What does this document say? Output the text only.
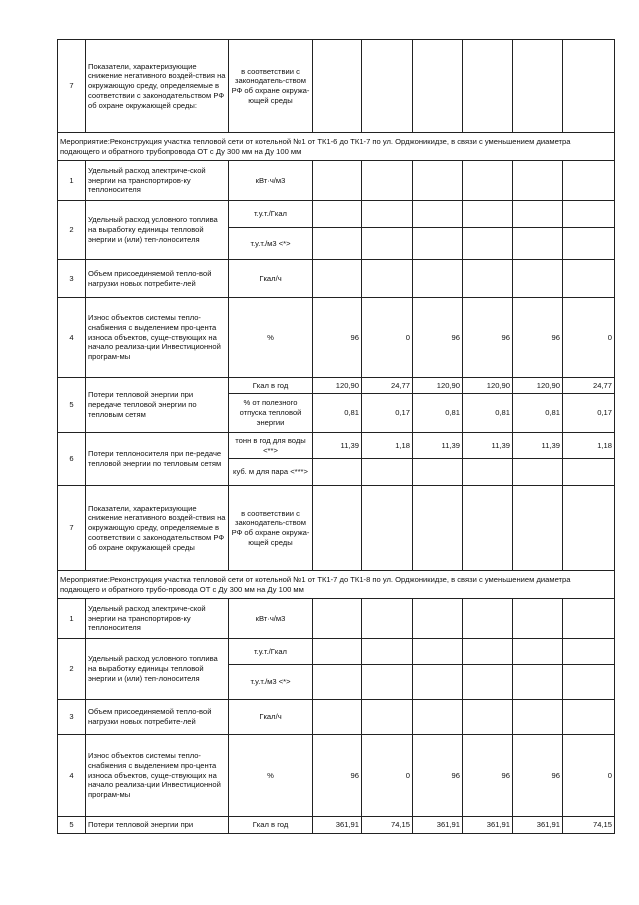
7	Показатели, характеризующие снижение негативного воздей-ствия на окружающую среду, определяемые в соответствии с законодательством РФ об охране окружающей среды:	в соответствии с законодатель-ством РФ об охране окружа-ющей среды						
Мероприятие:Реконструкция участка тепловой сети от котельной №1 от ТК1-6 до ТК1-7 по ул. Орджоникидзе, в связи с уменьшением диаметра подающего и обратного трубопровода ОТ с Ду 300 мм на Ду 100 мм								
1	Удельный расход электриче-ской энергии на транспортиров-ку теплоносителя	кВт·ч/м3						
2	Удельный расход условного топлива на выработку единицы тепловой энергии и (или) теп-лоносителя	т.у.т./Гкал						
		т.у.т./м3 <*>						
3	Объем присоединяемой тепло-вой нагрузки новых потребите-лей	Гкал/ч						
4	Износ объектов системы тепло-снабжения с выделением про-цента износа объектов, суще-ствующих на начало реализа-ции Инвестиционной програм-мы	%	96	0	96	96	96	0
5	Потери тепловой энергии при передаче тепловой энергии по тепловым сетям	Гкал в год	120,90	24,77	120,90	120,90	120,90	24,77
		% от полезного отпуска тепловой энергии	0,81	0,17	0,81	0,81	0,81	0,17
6	Потери теплоносителя при пе-редаче тепловой энергии по тепловым сетям	тонн в год для воды <**>	11,39	1,18	11,39	11,39	11,39	1,18
		куб. м для пара <***>						
7	Показатели, характеризующие снижение негативного воздей-ствия на окружающую среду, определяемые в соответствии с законодательством РФ об охране окружающей среды	в соответствии с законодатель-ством РФ об охране окружа-ющей среды						
Мероприятие:Реконструкция участка тепловой сети от котельной №1 от ТК1-7 до ТК1-8 по ул. Орджоникидзе, в связи с уменьшением диаметра подающего и обратного трубо-провода ОТ с Ду 300 мм на Ду 100 мм								
1	Удельный расход электриче-ской энергии на транспортиров-ку теплоносителя	кВт·ч/м3						
2	Удельный расход условного топлива на выработку единицы тепловой энергии и (или) теп-лоносителя	т.у.т./Гкал						
		т.у.т./м3 <*>						
3	Объем присоединяемой тепло-вой нагрузки новых потребите-лей	Гкал/ч						
4	Износ объектов системы тепло-снабжения с выделением про-цента износа объектов, суще-ствующих на начало реализа-ции Инвестиционной програм-мы	%	96	0	96	96	96	0
5	Потери тепловой энергии при	Гкал в год	361,91	74,15	361,91	361,91	361,91	74,15
